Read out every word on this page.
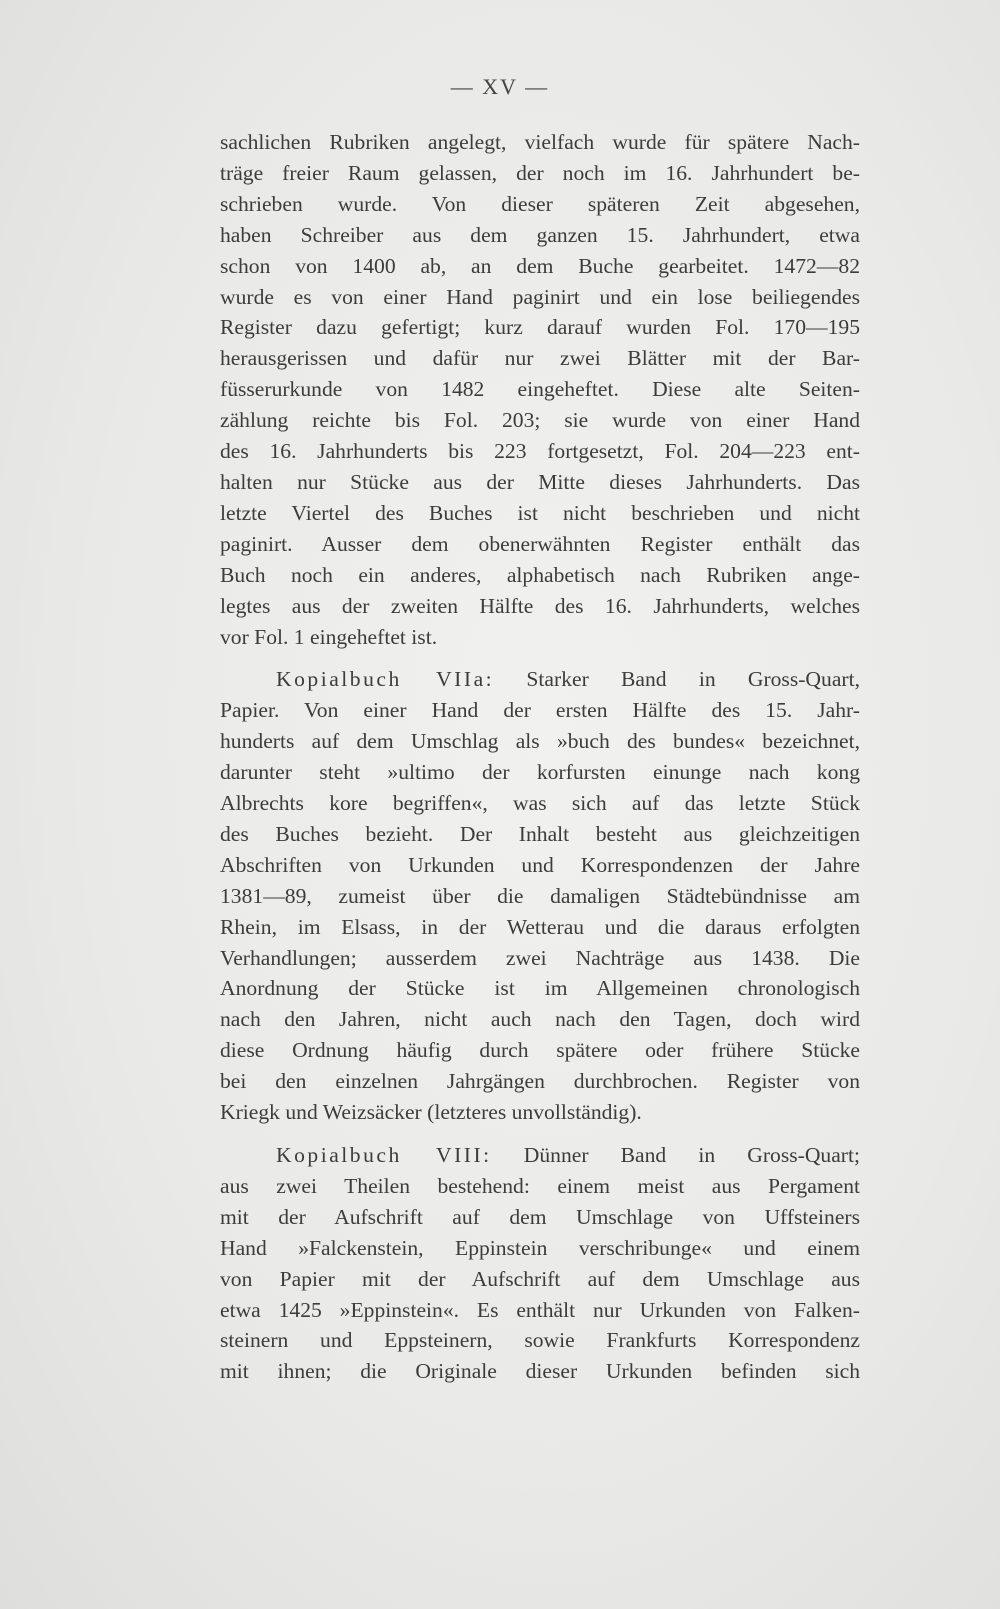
— XV —
sachlichen Rubriken angelegt, vielfach wurde für spätere Nach-
träge freier Raum gelassen, der noch im 16. Jahrhundert be-
schrieben wurde. Von dieser späteren Zeit abgesehen,
haben Schreiber aus dem ganzen 15. Jahrhundert, etwa
schon von 1400 ab, an dem Buche gearbeitet. 1472—82
wurde es von einer Hand paginirt und ein lose beiliegendes
Register dazu gefertigt; kurz darauf wurden Fol. 170—195
herausgerissen und dafür nur zwei Blätter mit der Bar-
füsserurkunde von 1482 eingeheftet. Diese alte Seiten-
zählung reichte bis Fol. 203; sie wurde von einer Hand
des 16. Jahrhunderts bis 223 fortgesetzt, Fol. 204—223 ent-
halten nur Stücke aus der Mitte dieses Jahrhunderts. Das
letzte Viertel des Buches ist nicht beschrieben und nicht
paginirt. Ausser dem obenerwähnten Register enthält das
Buch noch ein anderes, alphabetisch nach Rubriken ange-
legtes aus der zweiten Hälfte des 16. Jahrhunderts, welches
vor Fol. 1 eingeheftet ist.
Kopialbuch VIIa: Starker Band in Gross-Quart,
Papier. Von einer Hand der ersten Hälfte des 15. Jahr-
hunderts auf dem Umschlag als »buch des bundes« bezeichnet,
darunter steht »ultimo der korfursten einunge nach kong
Albrechts kore begriffen«, was sich auf das letzte Stück
des Buches bezieht. Der Inhalt besteht aus gleichzeitigen
Abschriften von Urkunden und Korrespondenzen der Jahre
1381—89, zumeist über die damaligen Städtebündnisse am
Rhein, im Elsass, in der Wetterau und die daraus erfolgten
Verhandlungen; ausserdem zwei Nachträge aus 1438. Die
Anordnung der Stücke ist im Allgemeinen chronologisch
nach den Jahren, nicht auch nach den Tagen, doch wird
diese Ordnung häufig durch spätere oder frühere Stücke
bei den einzelnen Jahrgängen durchbrochen. Register von
Kriegk und Weizsäcker (letzteres unvollständig).
Kopialbuch VIII: Dünner Band in Gross-Quart;
aus zwei Theilen bestehend: einem meist aus Pergament
mit der Aufschrift auf dem Umschlage von Uffsteiners
Hand »Falckenstein, Eppinstein verschribunge« und einem
von Papier mit der Aufschrift auf dem Umschlage aus
etwa 1425 »Eppinstein«. Es enthält nur Urkunden von Falken-
steinern und Eppsteinern, sowie Frankfurts Korrespondenz
mit ihnen; die Originale dieser Urkunden befinden sich
